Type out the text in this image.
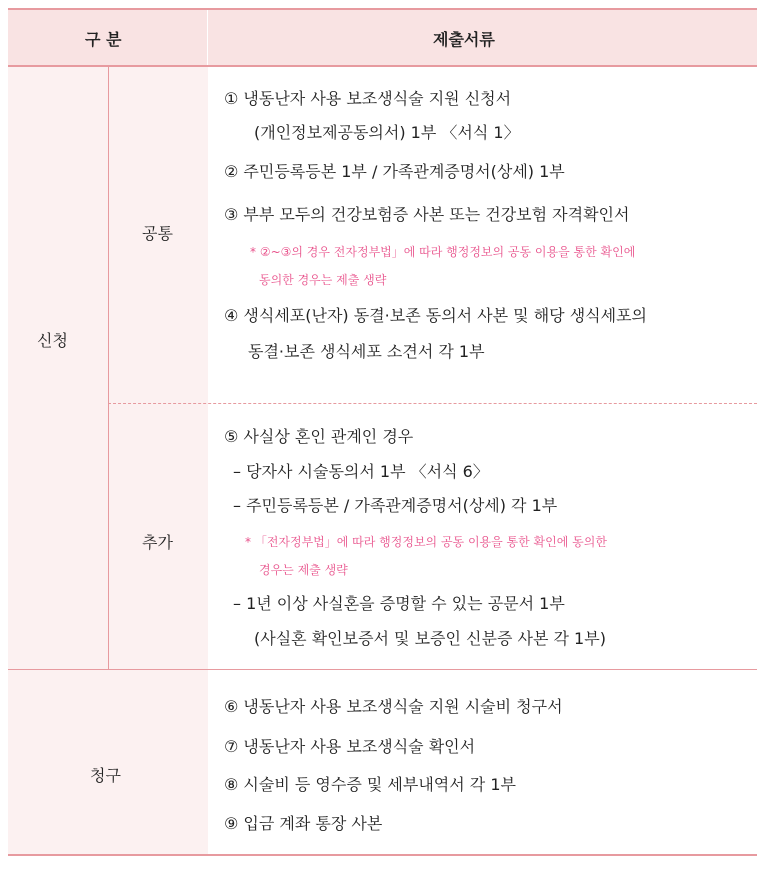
구 분	제출서류
신청
공통
추가
청구
① 냉동난자 사용 보조생식술 지원 신청서
(개인정보제공동의서) 1부 〈서식 1〉
② 주민등록등본 1부 / 가족관계증명서(상세) 1부
③ 부부 모두의 건강보험증 사본 또는 건강보험 자격확인서
* ②~③의 경우 전자정부법」에 따라 행정정보의 공동 이용을 통한 확인에
동의한 경우는 제출 생략
④ 생식세포(난자) 동결·보존 동의서 사본 및 해당 생식세포의
동결·보존 생식세포 소견서 각 1부
⑤ 사실상 혼인 관계인 경우
– 당자사 시술동의서 1부 〈서식 6〉
– 주민등록등본 / 가족관계증명서(상세) 각 1부
* 「전자정부법」에 따라 행정정보의 공동 이용을 통한 확인에 동의한
경우는 제출 생략
– 1년 이상 사실혼을 증명할 수 있는 공문서 1부
(사실혼 확인보증서 및 보증인 신분증 사본 각 1부)
⑥ 냉동난자 사용 보조생식술 지원 시술비 청구서
⑦ 냉동난자 사용 보조생식술 확인서
⑧ 시술비 등 영수증 및 세부내역서 각 1부
⑨ 입금 계좌 통장 사본
